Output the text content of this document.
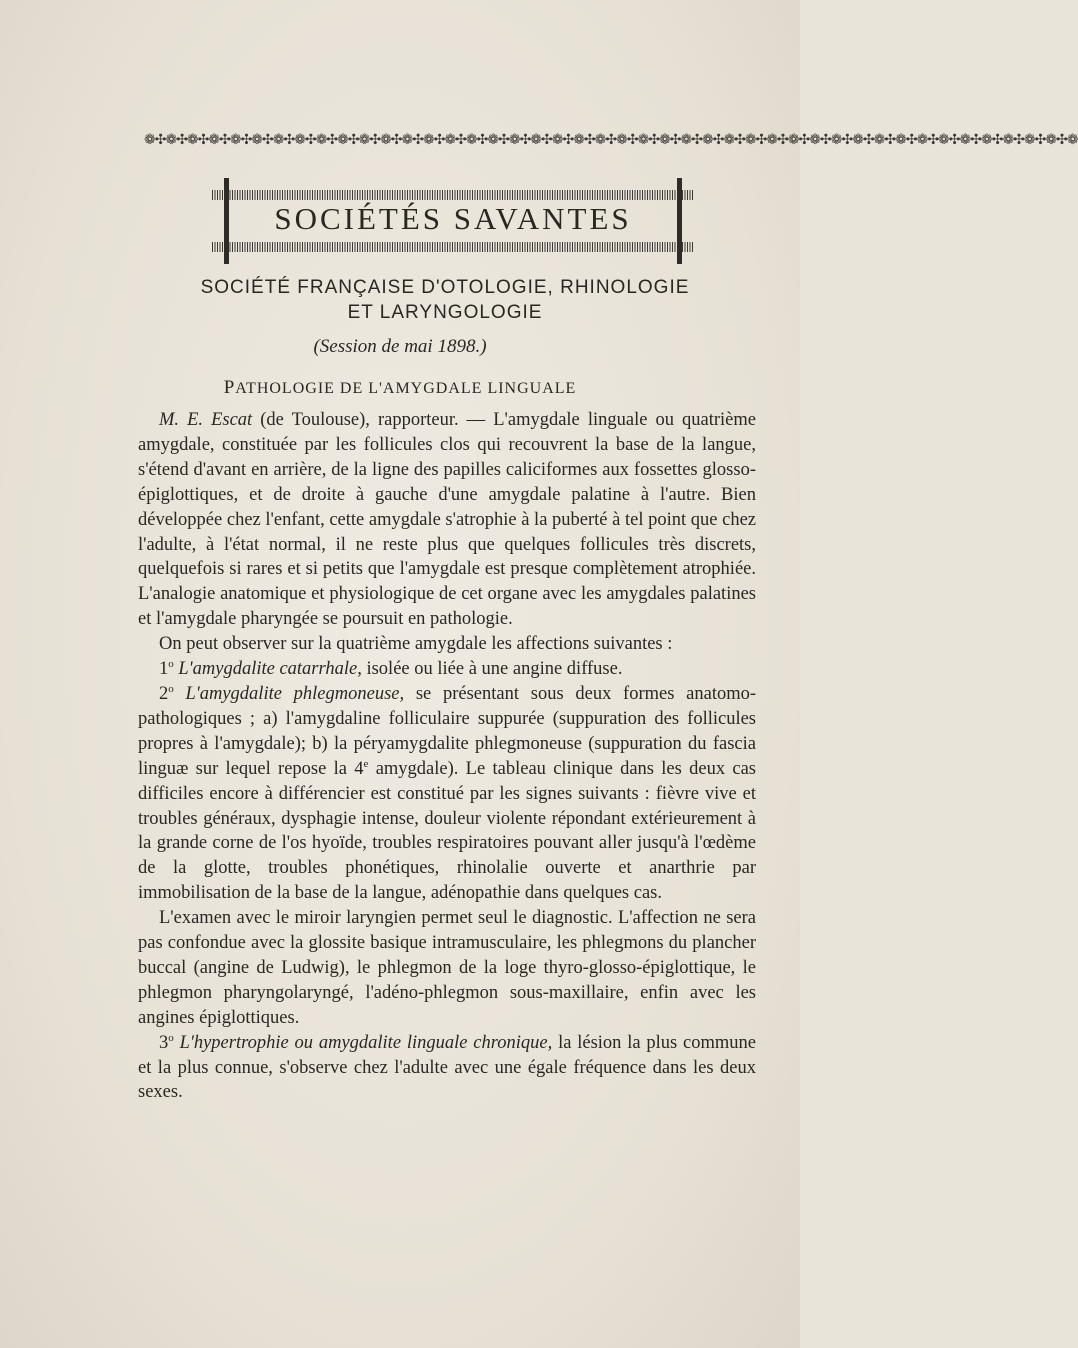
❁✣❁✣❁✣❁✣❁✣❁✣❁✣❁✣❁✣❁✣❁✣❁✣❁✣❁✣❁✣❁✣❁✣❁✣❁✣❁✣❁✣❁✣❁✣❁✣❁✣❁✣❁✣❁✣❁✣❁✣❁✣❁✣❁✣❁✣❁✣❁✣❁✣❁✣❁✣❁✣❁✣❁✣❁✣❁
SOCIÉTÉS SAVANTES
SOCIÉTÉ FRANÇAISE D'OTOLOGIE, RHINOLOGIE
ET LARYNGOLOGIE
(Session de mai 1898.)
PATHOLOGIE DE L'AMYGDALE LINGUALE

M. E. Escat (de Toulouse), rapporteur. — L'amygdale linguale ou quatrième amygdale, constituée par les follicules clos qui recouvrent la base de la langue, s'étend d'avant en arrière, de la ligne des papilles caliciformes aux fossettes glosso-épiglottiques, et de droite à gauche d'une amygdale palatine à l'autre. Bien développée chez l'enfant, cette amygdale s'atrophie à la puberté à tel point que chez l'adulte, à l'état normal, il ne reste plus que quelques follicules très discrets, quelquefois si rares et si petits que l'amygdale est presque complètement atrophiée. L'analogie anatomique et physiologique de cet organe avec les amygdales palatines et l'amygdale pharyngée se poursuit en pathologie.

On peut observer sur la quatrième amygdale les affections suivantes :

1$^o$ L'amygdalite catarrhale, isolée ou liée à une angine diffuse.

2$^o$ L'amygdalite phlegmoneuse, se présentant sous deux formes anatomo-pathologiques ; a) l'amygdaline folliculaire suppurée (suppuration des follicules propres à l'amygdale); b) la péryamygdalite phlegmoneuse (suppuration du fascia linguæ sur lequel repose la 4e amygdale). Le tableau clinique dans les deux cas difficiles encore à différencier est constitué par les signes suivants : fièvre vive et troubles généraux, dysphagie intense, douleur violente répondant extérieurement à la grande corne de l'os hyoïde, troubles respiratoires pouvant aller jusqu'à l'œdème de la glotte, troubles phonétiques, rhinolalie ouverte et anarthrie par immobilisation de la base de la langue, adénopathie dans quelques cas.

L'examen avec le miroir laryngien permet seul le diagnostic. L'affection ne sera pas confondue avec la glossite basique intramusculaire, les phlegmons du plancher buccal (angine de Ludwig), le phlegmon de la loge thyro-glosso-épiglottique, le phlegmon pharyngolaryngé, l'adéno-phlegmon sous-maxillaire, enfin avec les angines épiglottiques.

3$^o$ L'hypertrophie ou amygdalite linguale chronique, la lésion la plus commune et la plus connue, s'observe chez l'adulte avec une égale fréquence dans les deux sexes.
